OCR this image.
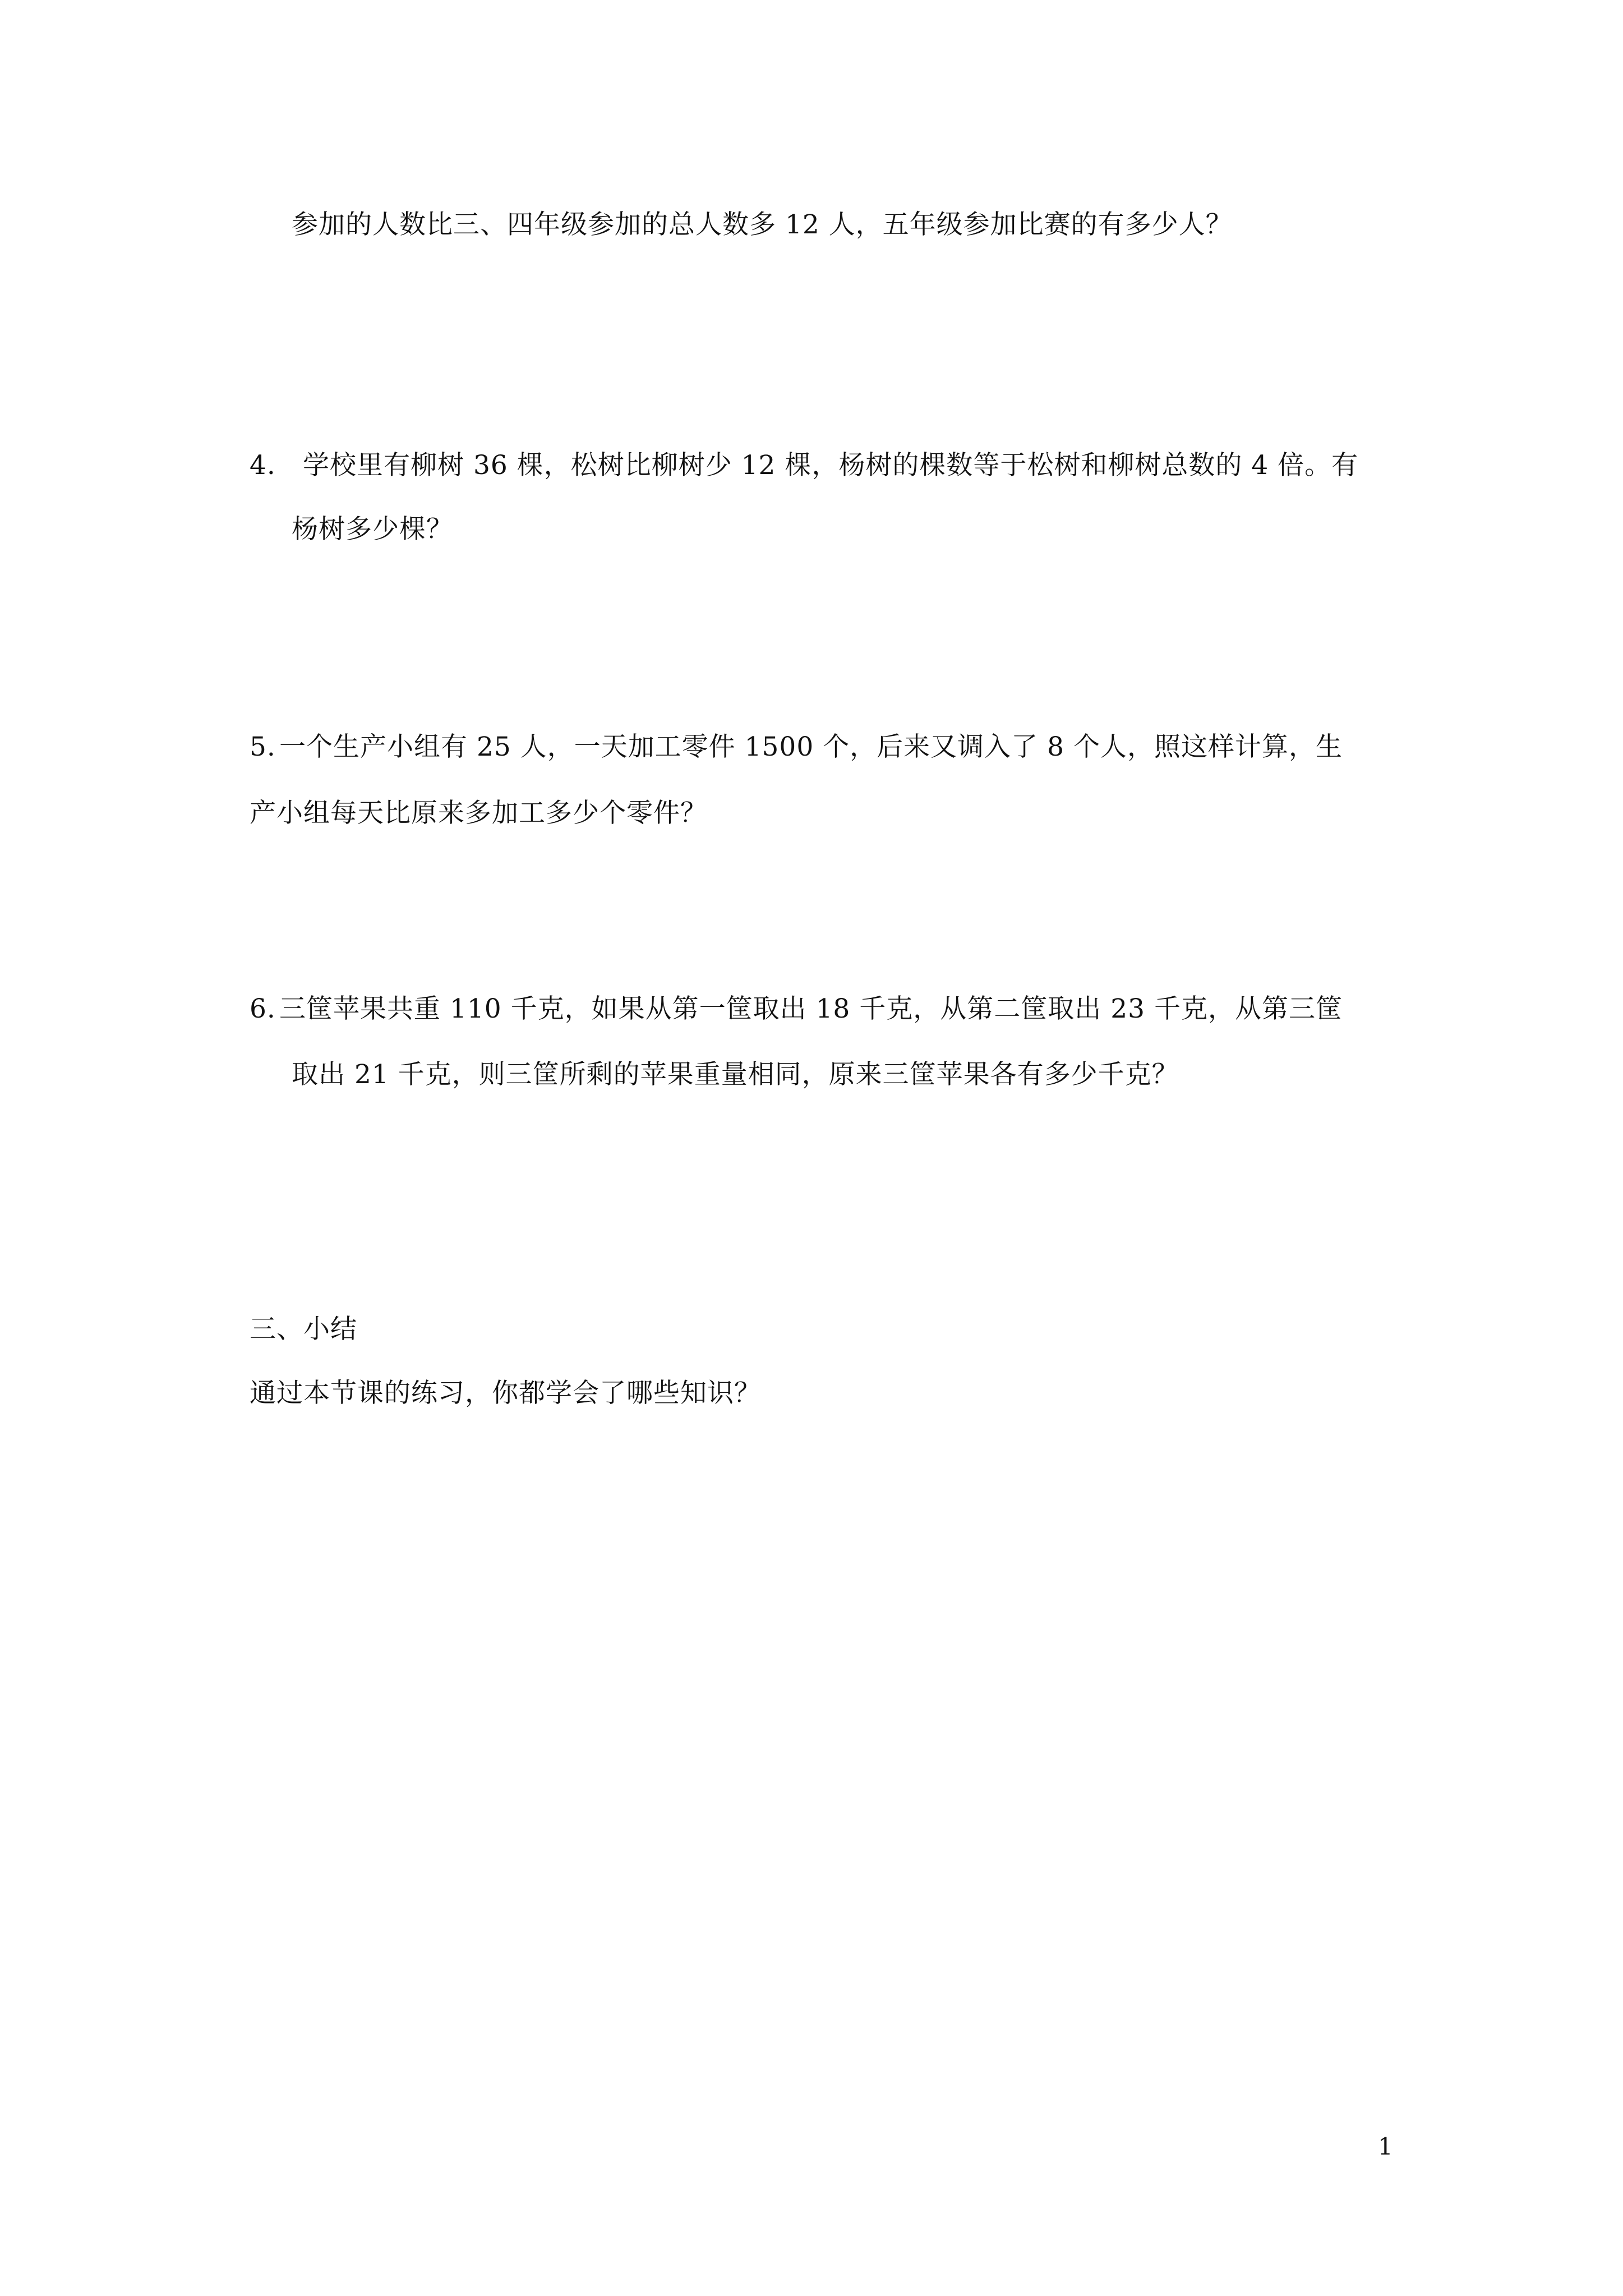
参加的人数比三、四年级参加的总人数多 12 人，五年级参加比赛的有多少人？
4. 学校里有柳树 36 棵，松树比柳树少 12 棵，杨树的棵数等于松树和柳树总数的 4 倍。有
杨树多少棵？
5. 一个生产小组有 25 人，一天加工零件 1500 个，后来又调入了 8 个人，照这样计算，生
产小组每天比原来多加工多少个零件？
6. 三筐苹果共重 110 千克，如果从第一筐取出 18 千克，从第二筐取出 23 千克，从第三筐
取出 21 千克，则三筐所剩的苹果重量相同，原来三筐苹果各有多少千克？
三、小结
通过本节课的练习，你都学会了哪些知识？
1
